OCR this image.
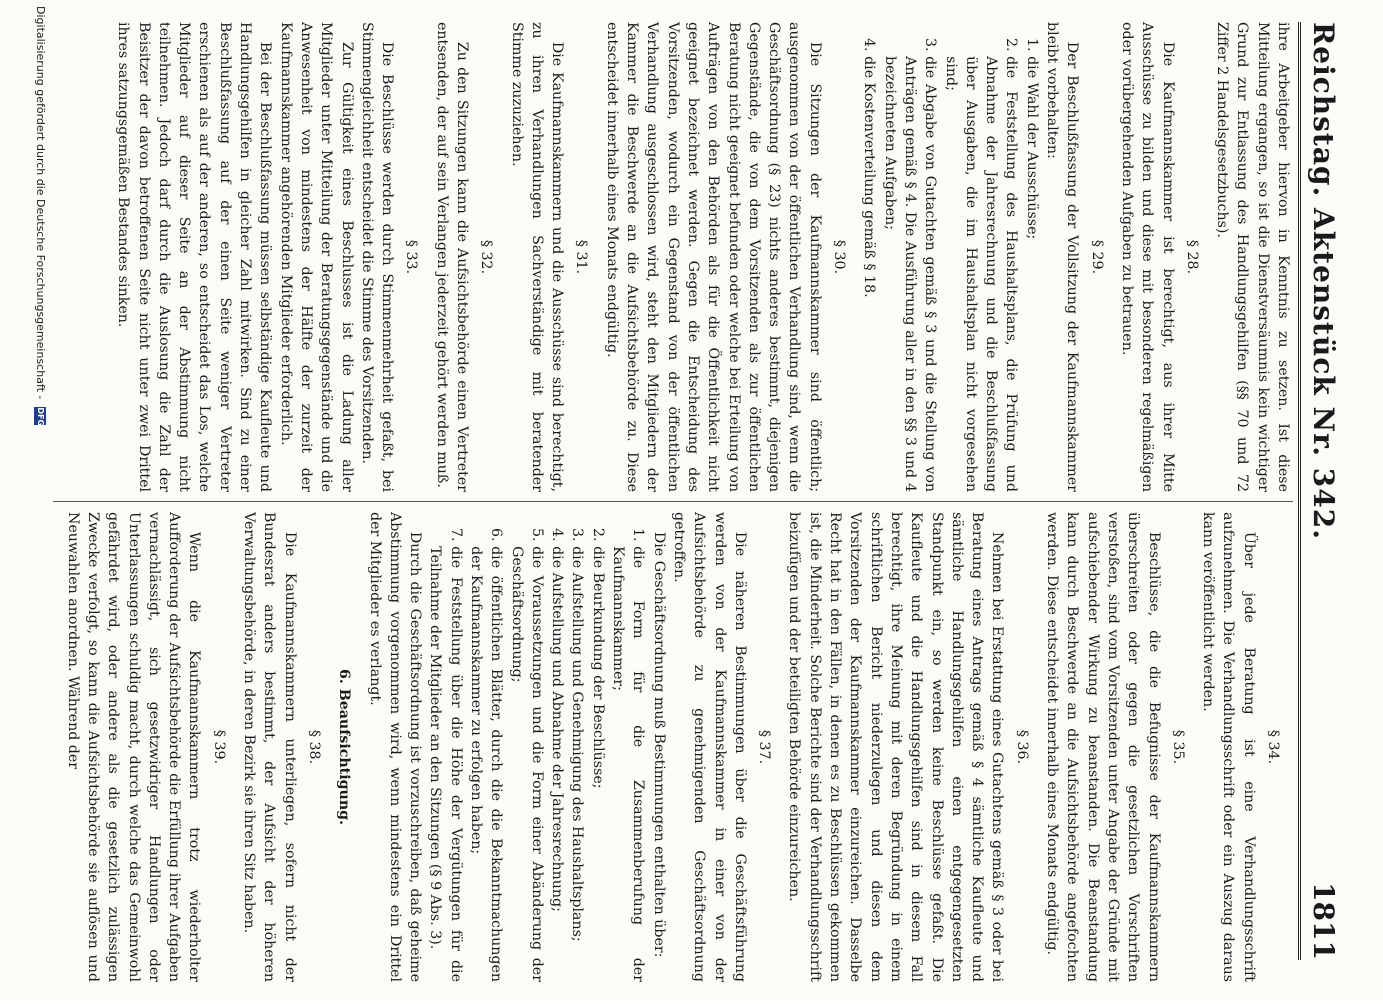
Reichstag. Aktenstück Nr. 342.
1811

ihre Arbeitgeber hiervon in Kenntnis zu setzen. Ist diese Mitteilung ergangen, so ist die Dienstversäumnis kein wichtiger Grund zur Entlassung des Handlungsgehilfen (§§ 70 und 72 Ziffer 2 Handelsgesetzbuchs).

§ 28.

Die Kaufmannskammer ist berechtigt, aus ihrer Mitte Ausschüsse zu bilden und diese mit besonderen regelmäßigen oder vorübergehenden Aufgaben zu betrauen.

§ 29.

Der Beschlußfassung der Vollsitzung der Kaufmannskammer bleibt vorbehalten:

1. die Wahl der Ausschüsse;
2. die Feststellung des Haushaltsplans, die Prüfung und Abnahme der Jahresrechnung und die Beschlußfassung über Ausgaben, die im Haushaltsplan nicht vorgesehen sind;
3. die Abgabe von Gutachten gemäß § 3 und die Stellung von Anträgen gemäß § 4. Die Ausführung aller in den §§ 3 und 4 bezeichneten Aufgaben;
4. die Kostenverteilung gemäß § 18.
§ 30.

Die Sitzungen der Kaufmannskammer sind öffentlich; ausgenommen von der öffentlichen Verhandlung sind, wenn die Geschäftsordnung (§ 23) nichts anderes bestimmt, diejenigen Gegenstände, die von dem Vorsitzenden als zur öffentlichen Beratung nicht geeignet befunden oder welche bei Erteilung von Aufträgen von den Behörden als für die Öffentlichkeit nicht geeignet bezeichnet werden. Gegen die Entscheidung des Vorsitzenden, wodurch ein Gegenstand von der öffentlichen Verhandlung ausgeschlossen wird, steht den Mitgliedern der Kammer die Beschwerde an die Aufsichtsbehörde zu. Diese entscheidet innerhalb eines Monats endgültig.

§ 31.

Die Kaufmannskammern und die Ausschüsse sind berechtigt, zu ihren Verhandlungen Sachverständige mit beratender Stimme zuzuziehen.

§ 32.

Zu den Sitzungen kann die Aufsichtsbehörde einen Vertreter entsenden, der auf sein Verlangen jederzeit gehört werden muß.

§ 33.

Die Beschlüsse werden durch Stimmenmehrheit gefaßt, bei Stimmengleichheit entscheidet die Stimme des Vorsitzenden.

Zur Gültigkeit eines Beschlusses ist die Ladung aller Mitglieder unter Mitteilung der Beratungsgegenstände und die Anwesenheit von mindestens der Hälfte der zurzeit der Kaufmannskammer angehörenden Mitglieder erforderlich.

Bei der Beschlußfassung müssen selbständige Kaufleute und Handlungsgehilfen in gleicher Zahl mitwirken. Sind zu einer Beschlußfassung auf der einen Seite weniger Vertreter erschienen als auf der anderen, so entscheidet das Los, welche Mitglieder auf dieser Seite an der Abstimmung nicht teilnehmen. Jedoch darf durch die Auslosung die Zahl der Beisitzer der davon betroffenen Seite nicht unter zwei Drittel ihres satzungsgemäßen Bestandes sinken.

§ 34.

Über jede Beratung ist eine Verhandlungsschrift aufzunehmen. Die Verhandlungsschrift oder ein Auszug daraus kann veröffentlicht werden.

§ 35.

Beschlüsse, die die Befugnisse der Kaufmannskammern überschreiten oder gegen die gesetzlichen Vorschriften verstoßen, sind vom Vorsitzenden unter Angabe der Gründe mit aufschiebender Wirkung zu beanstanden. Die Beanstandung kann durch Beschwerde an die Aufsichtsbehörde angefochten werden. Diese entscheidet innerhalb eines Monats endgültig.

§ 36.

Nehmen bei Erstattung eines Gutachtens gemäß § 3 oder bei Beratung eines Antrags gemäß § 4 sämtliche Kaufleute und sämtliche Handlungsgehilfen einen entgegengesetzten Standpunkt ein, so werden keine Beschlüsse gefaßt. Die Kaufleute und die Handlungsgehilfen sind in diesem Fall berechtigt, ihre Meinung mit deren Begründung in einem schriftlichen Bericht niederzulegen und diesen dem Vorsitzenden der Kaufmannskammer einzureichen. Dasselbe Recht hat in den Fällen, in denen es zu Beschlüssen gekommen ist, die Minderheit. Solche Berichte sind der Verhandlungsschrift beizufügen und der beteiligten Behörde einzureichen.

§ 37.

Die näheren Bestimmungen über die Geschäftsführung werden von der Kaufmannskammer in einer von der Aufsichtsbehörde zu genehmigenden Geschäftsordnung getroffen.

Die Geschäftsordnung muß Bestimmungen enthalten über:

1. die Form für die Zusammenberufung der Kaufmannskammer;
2. die Beurkundung der Beschlüsse;
3. die Aufstellung und Genehmigung des Haushaltsplans;
4. die Aufstellung und Abnahme der Jahresrechnung;
5. die Voraussetzungen und die Form einer Abänderung der Geschäftsordnung;
6. die öffentlichen Blätter, durch die die Bekanntmachungen der Kaufmannskammer zu erfolgen haben;
7. die Feststellung über die Höhe der Vergütungen für die Teilnahme der Mitglieder an den Sitzungen (§ 9 Abs. 3).

Durch die Geschäftsordnung ist vorzuschreiben, daß geheime Abstimmung vorgenommen wird, wenn mindestens ein Drittel der Mitglieder es verlangt.

6. Beaufsichtigung.
§ 38.

Die Kaufmannskammern unterliegen, sofern nicht der Bundesrat anders bestimmt, der Aufsicht der höheren Verwaltungsbehörde, in deren Bezirk sie ihren Sitz haben.

§ 39.

Wenn die Kaufmannskammern trotz wiederholter Aufforderung der Aufsichtsbehörde die Erfüllung ihrer Aufgaben vernachlässigt, sich gesetzwidriger Handlungen oder Unterlassungen schuldig macht, durch welche das Gemeinwohl gefährdet wird, oder andere als die gesetzlich zulässigen Zwecke verfolgt, so kann die Aufsichtsbehörde sie auflösen und Neuwahlen anordnen. Während der

Digitalisierung gefördert durch die Deutsche Forschungsgemeinschaft -
DFG
